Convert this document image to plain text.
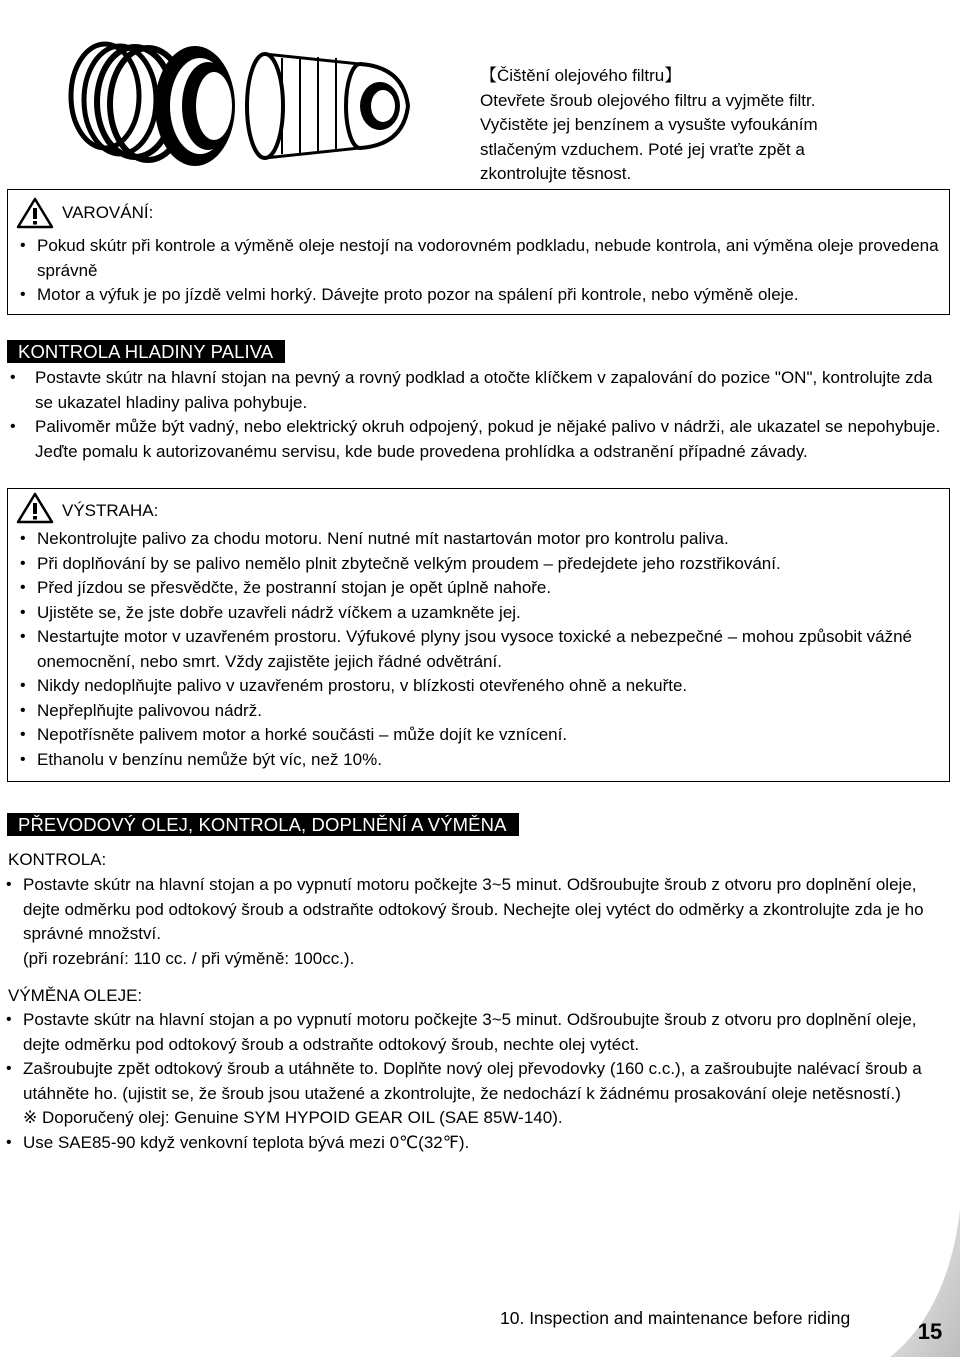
【Čištění olejového filtru】
Otevřete šroub olejového filtru a vyjměte filtr.
Vyčistěte jej benzínem a vysušte vyfoukáním
stlačeným vzduchem. Poté jej vraťte zpět a
zkontrolujte těsnost.
VAROVÁNÍ:
• Pokud skútr při kontrole a výměně oleje nestojí na vodorovném podkladu, nebude kontrola, ani výměna oleje provedena správně
• Motor a výfuk je po jízdě velmi horký. Dávejte proto pozor na spálení při kontrole, nebo výměně oleje.
KONTROLA HLADINY PALIVA
• Postavte skútr na hlavní stojan na pevný a rovný podklad a otočte klíčkem v zapalování do pozice "ON", kontrolujte zda se ukazatel hladiny paliva pohybuje.
• Palivoměr může být vadný, nebo elektrický okruh odpojený, pokud je nějaké palivo v nádrži, ale ukazatel se nepohybuje. Jeďte pomalu k autorizovanému servisu, kde bude provedena prohlídka a odstranění případné závady.
VÝSTRAHA:
• Nekontrolujte palivo za chodu motoru. Není nutné mít nastartován motor pro kontrolu paliva.
• Při doplňování by se palivo nemělo plnit zbytečně velkým proudem – předejdete jeho rozstřikování.
• Před jízdou se přesvědčte, že postranní stojan je opět úplně nahoře.
• Ujistěte se, že jste dobře uzavřeli nádrž víčkem a uzamkněte jej.
• Nestartujte motor v uzavřeném prostoru. Výfukové plyny jsou vysoce toxické a nebezpečné – mohou způsobit vážné onemocnění, nebo smrt. Vždy zajistěte jejich řádné odvětrání.
• Nikdy nedoplňujte palivo v uzavřeném prostoru, v blízkosti otevřeného ohně a nekuřte.
• Nepřeplňujte palivovou nádrž.
• Nepotřísněte palivem motor a horké součásti – může dojít ke vznícení.
• Ethanolu v benzínu nemůže být víc, než 10%.
PŘEVODOVÝ OLEJ, KONTROLA, DOPLNĚNÍ A VÝMĚNA
KONTROLA:
• Postavte skútr na hlavní stojan a po vypnutí motoru počkejte 3~5 minut. Odšroubujte šroub z otvoru pro doplnění oleje, dejte odměrku pod odtokový šroub a odstraňte odtokový šroub. Nechejte olej vytéct do odměrky a zkontrolujte zda je ho správné množství.
(při rozebrání: 110 cc. / při výměně: 100cc.).
VÝMĚNA OLEJE:
• Postavte skútr na hlavní stojan a po vypnutí motoru počkejte 3~5 minut. Odšroubujte šroub z otvoru pro doplnění oleje, dejte odměrku pod odtokový šroub a odstraňte odtokový šroub, nechte olej vytéct.
• Zašroubujte zpět odtokový šroub a utáhněte to. Doplňte nový olej převodovky (160 c.c.), a zašroubujte nalévací šroub a utáhněte ho. (ujistit se, že šroub jsou utažené a zkontrolujte, že nedochází k žádnému prosakování oleje netěsností.)
※ Doporučený olej: Genuine SYM HYPOID GEAR OIL (SAE 85W-140).
• Use SAE85-90 když venkovní teplota bývá mezi 0℃(32℉).
10. Inspection and maintenance before riding
15
